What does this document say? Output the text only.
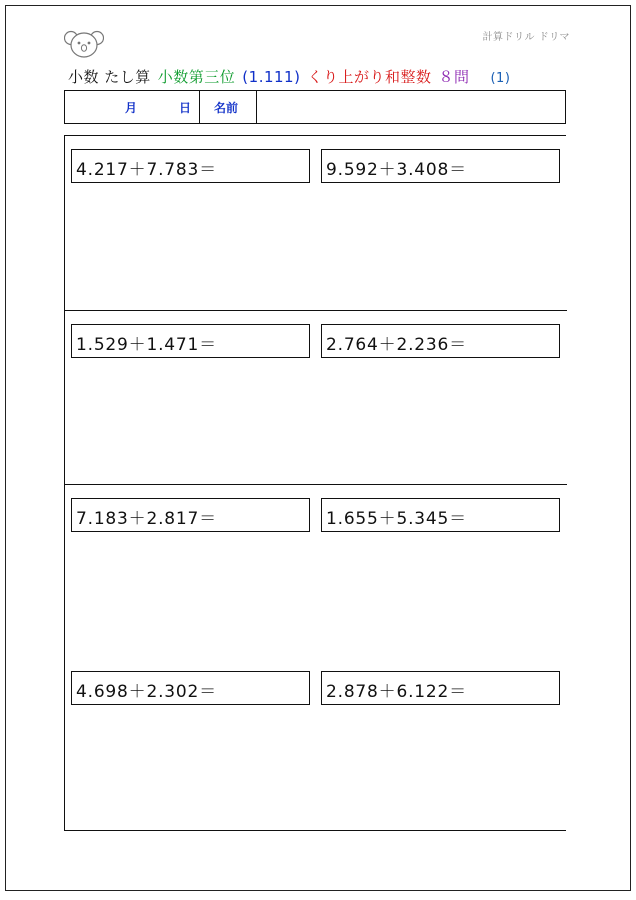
計算ドリル ドリマ
小数 たし算 小数第三位 (1.111) くり上がり和整数 ８問 (1)
月	日 名前
4.217＋7.783＝	9.592＋3.408＝
1.529＋1.471＝	2.764＋2.236＝
7.183＋2.817＝	1.655＋5.345＝
4.698＋2.302＝	2.878＋6.122＝
